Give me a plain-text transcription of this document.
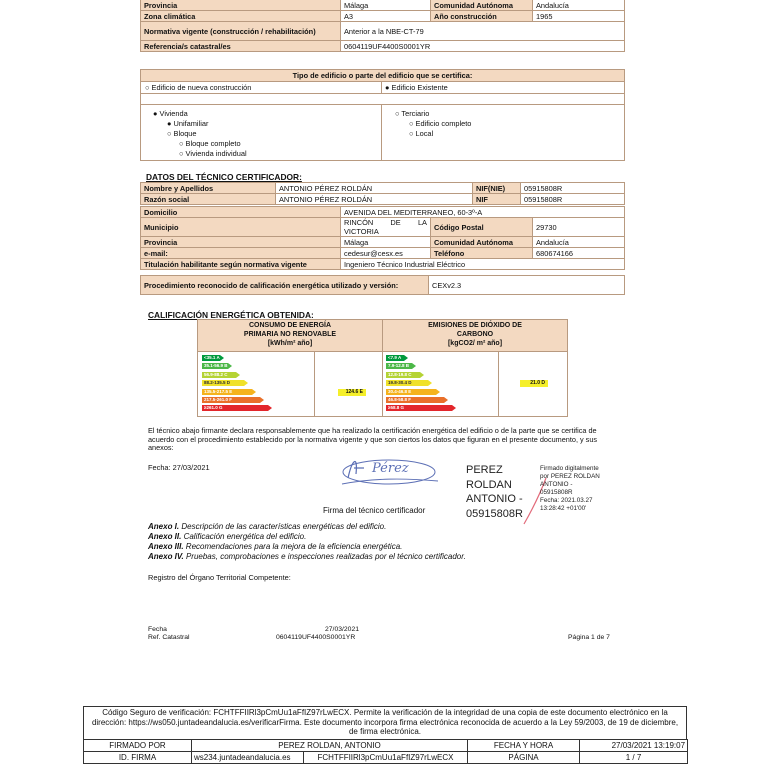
Provincia	Málaga	Comunidad Autónoma	Andalucía
Zona climática	A3	Año construcción	1965
Normativa vigente (construcción / rehabilitación)	Anterior a la NBE-CT-79		
Referencia/s catastral/es	0604119UF4400S0001YR		
Tipo de edificio o parte del edificio que se certifica:
○ Edificio de nueva construcción	● Edificio Existente
● Vivienda
● Unifamiliar
○ Bloque
○ Bloque completo
○ Vivienda individual
○ Terciario
○ Edificio completo
○ Local
DATOS DEL TÉCNICO CERTIFICADOR:
Nombre y Apellidos	ANTONIO PÉREZ ROLDÁN	NIF(NIE)	05915808R
Razón social	ANTONIO PÉREZ ROLDÁN	NIF	05915808R
Domicilio	AVENIDA DEL MEDITERRANEO, 60-3º-A		
Municipio	RINCÓN DE LA VICTORIA	Código Postal	29730
Provincia	Málaga	Comunidad Autónoma	Andalucía
e-mail:	cedesur@cesx.es	Teléfono	680674166
Titulación habilitante según normativa vigente	Ingeniero Técnico Industrial Eléctrico		
Procedimiento reconocido de calificación energética utilizado y versión:	CEXv2.3
CALIFICACIÓN ENERGÉTICA OBTENIDA:
CONSUMO DE ENERGÍA
PRIMARIA NO RENOVABLE
[kWh/m² año]
EMISIONES DE DIÓXIDO DE
CARBONO
[kgCO2/ m² año]
<35.1 A
35.1-56.9 B
56.9-88.2 C
88.2-135.5 D
135.5-217.5 E
217.5-261.0 F
≥261.0 G
<7.9 A
7.9-12.8 B
12.8-19.8 C
19.8-30.4 D
30.4-46.8 E
46.8-58.8 F
≥58.8 G
124.6 E
21.0 D
El técnico abajo firmante declara responsablemente que ha realizado la certificación energética del edificio o de la parte que se certifica de acuerdo con el procedimiento establecido por la normativa vigente y que son ciertos los datos que figuran en el presente documento, y sus anexos:
Fecha: 27/03/2021	Pérez
Firma del técnico certificador
PEREZ
ROLDAN
ANTONIO -
05915808R
Firmado digitalmente
por PEREZ ROLDAN
ANTONIO -
05915808R
Fecha: 2021.03.27
13:28:42 +01'00'
Anexo I. Descripción de las características energéticas del edificio.
Anexo II. Calificación energética del edificio.
Anexo III. Recomendaciones para la mejora de la eficiencia energética.
Anexo IV. Pruebas, comprobaciones e inspecciones realizadas por el técnico certificador.
Registro del Órgano Territorial Competente:
Fecha
Ref. Catastral
27/03/2021
0604119UF4400S0001YR	Página 1 de 7
Código Seguro de verificación: FCHTFFIIRl3pCmUu1aFfIZ97rLwECX. Permite la verificación de la integridad de una copia de este documento electrónico en la dirección: https://ws050.juntadeandalucia.es/verificarFirma. Este documento incorpora firma electrónica reconocida de acuerdo a la Ley 59/2003, de 19 de diciembre, de firma electrónica.
FIRMADO POR	PEREZ ROLDAN, ANTONIO		FECHA Y HORA	27/03/2021 13:19:07
ID. FIRMA	ws234.juntadeandalucia.es	FCHTFFIIRl3pCmUu1aFfIZ97rLwECX	PÁGINA	1 / 7
